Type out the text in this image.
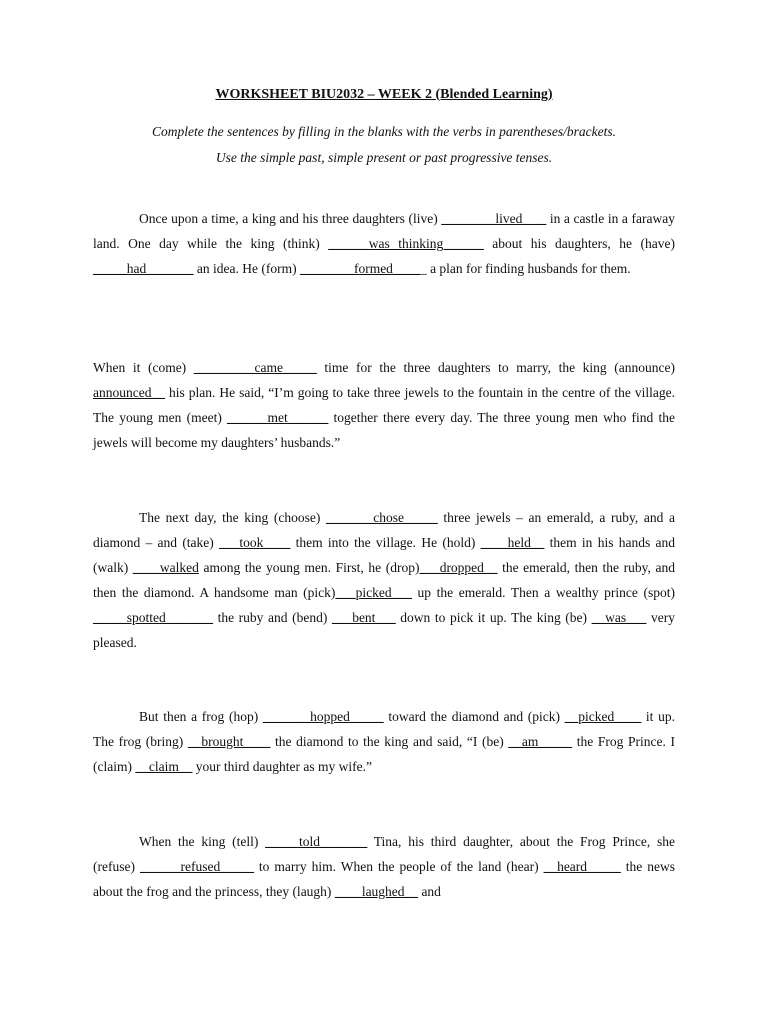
WORKSHEET BIU2032 – WEEK 2 (Blended Learning)
Complete the sentences by filling in the blanks with the verbs in parentheses/brackets.
Use the simple past, simple present or past progressive tenses.
Once upon a time, a king and his three daughters (live) ________lived_ __ in a castle in a faraway land. One day while the king (think) ______was thinking______ about his daughters, he (have) _____had_______ an idea. He (form) ________formed_____ a plan for finding husbands for them.
When it (come) _________came_____ time for the three daughters to marry, the king (announce) announced__ his plan. He said, “I’m going to take three jewels to the fountain in the centre of the village. The young men (meet) ______met______ together there every day. The three young men who find the jewels will become my daughters’ husbands.”
The next day, the king (choose) _______chose_____ three jewels – an emerald, a ruby, and a diamond – and (take) ___took____ them into the village. He (hold) ____held__ them in his hands and (walk) ____walked among the young men. First, he (drop)___dropped__ the emerald, then the ruby, and then the diamond. A handsome man (pick)___picked___ up the emerald. Then a wealthy prince (spot) _____spotted_______ the ruby and (bend) ___bent___ down to pick it up. The king (be) __was___ very pleased.
But then a frog (hop) _______hopped_____ toward the diamond and (pick) __picked____ it up. The frog (bring) __brought____ the diamond to the king and said, “I (be) __am_____ the Frog Prince. I (claim) __claim__ your third daughter as my wife.”
When the king (tell) _____told_______ Tina, his third daughter, about the Frog Prince, she (refuse) ______refused_____ to marry him. When the people of the land (hear) __heard_____ the news about the frog and the princess, they (laugh) ____laughed__ and
